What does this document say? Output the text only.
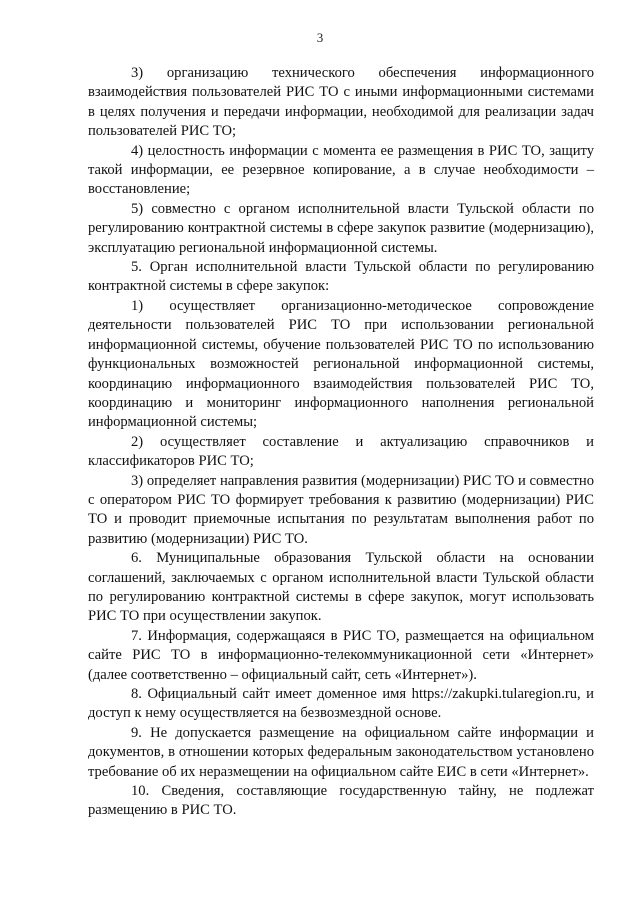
3

3) организацию технического обеспечения информационного взаимодействия пользователей РИС ТО с иными информационными системами в целях получения и передачи информации, необходимой для реализации задач пользователей РИС ТО;

4) целостность информации с момента ее размещения в РИС ТО, защиту такой информации, ее резервное копирование, а в случае необходимости – восстановление;

5) совместно с органом исполнительной власти Тульской области по регулированию контрактной системы в сфере закупок развитие (модернизацию), эксплуатацию региональной информационной системы.

5. Орган исполнительной власти Тульской области по регулированию контрактной системы в сфере закупок:

1) осуществляет организационно-методическое сопровождение деятельности пользователей РИС ТО при использовании региональной информационной системы, обучение пользователей РИС ТО по использованию функциональных возможностей региональной информационной системы, координацию информационного взаимодействия пользователей РИС ТО, координацию и мониторинг информационного наполнения региональной информационной системы;

2) осуществляет составление и актуализацию справочников и классификаторов РИС ТО;

3) определяет направления развития (модернизации) РИС ТО и совместно с оператором РИС ТО формирует требования к развитию (модернизации) РИС ТО и проводит приемочные испытания по результатам выполнения работ по развитию (модернизации) РИС ТО.

6. Муниципальные образования Тульской области на основании соглашений, заключаемых с органом исполнительной власти Тульской области по регулированию контрактной системы в сфере закупок, могут использовать РИС ТО при осуществлении закупок.

7. Информация, содержащаяся в РИС ТО, размещается на официальном сайте РИС ТО в информационно-телекоммуникационной сети «Интернет» (далее соответственно – официальный сайт, сеть «Интернет»).

8. Официальный сайт имеет доменное имя https://zakupki.tularegion.ru, и доступ к нему осуществляется на безвозмездной основе.

9. Не допускается размещение на официальном сайте информации и документов, в отношении которых федеральным законодательством установлено требование об их неразмещении на официальном сайте ЕИС в сети «Интернет».

10. Сведения, составляющие государственную тайну, не подлежат размещению в РИС ТО.
